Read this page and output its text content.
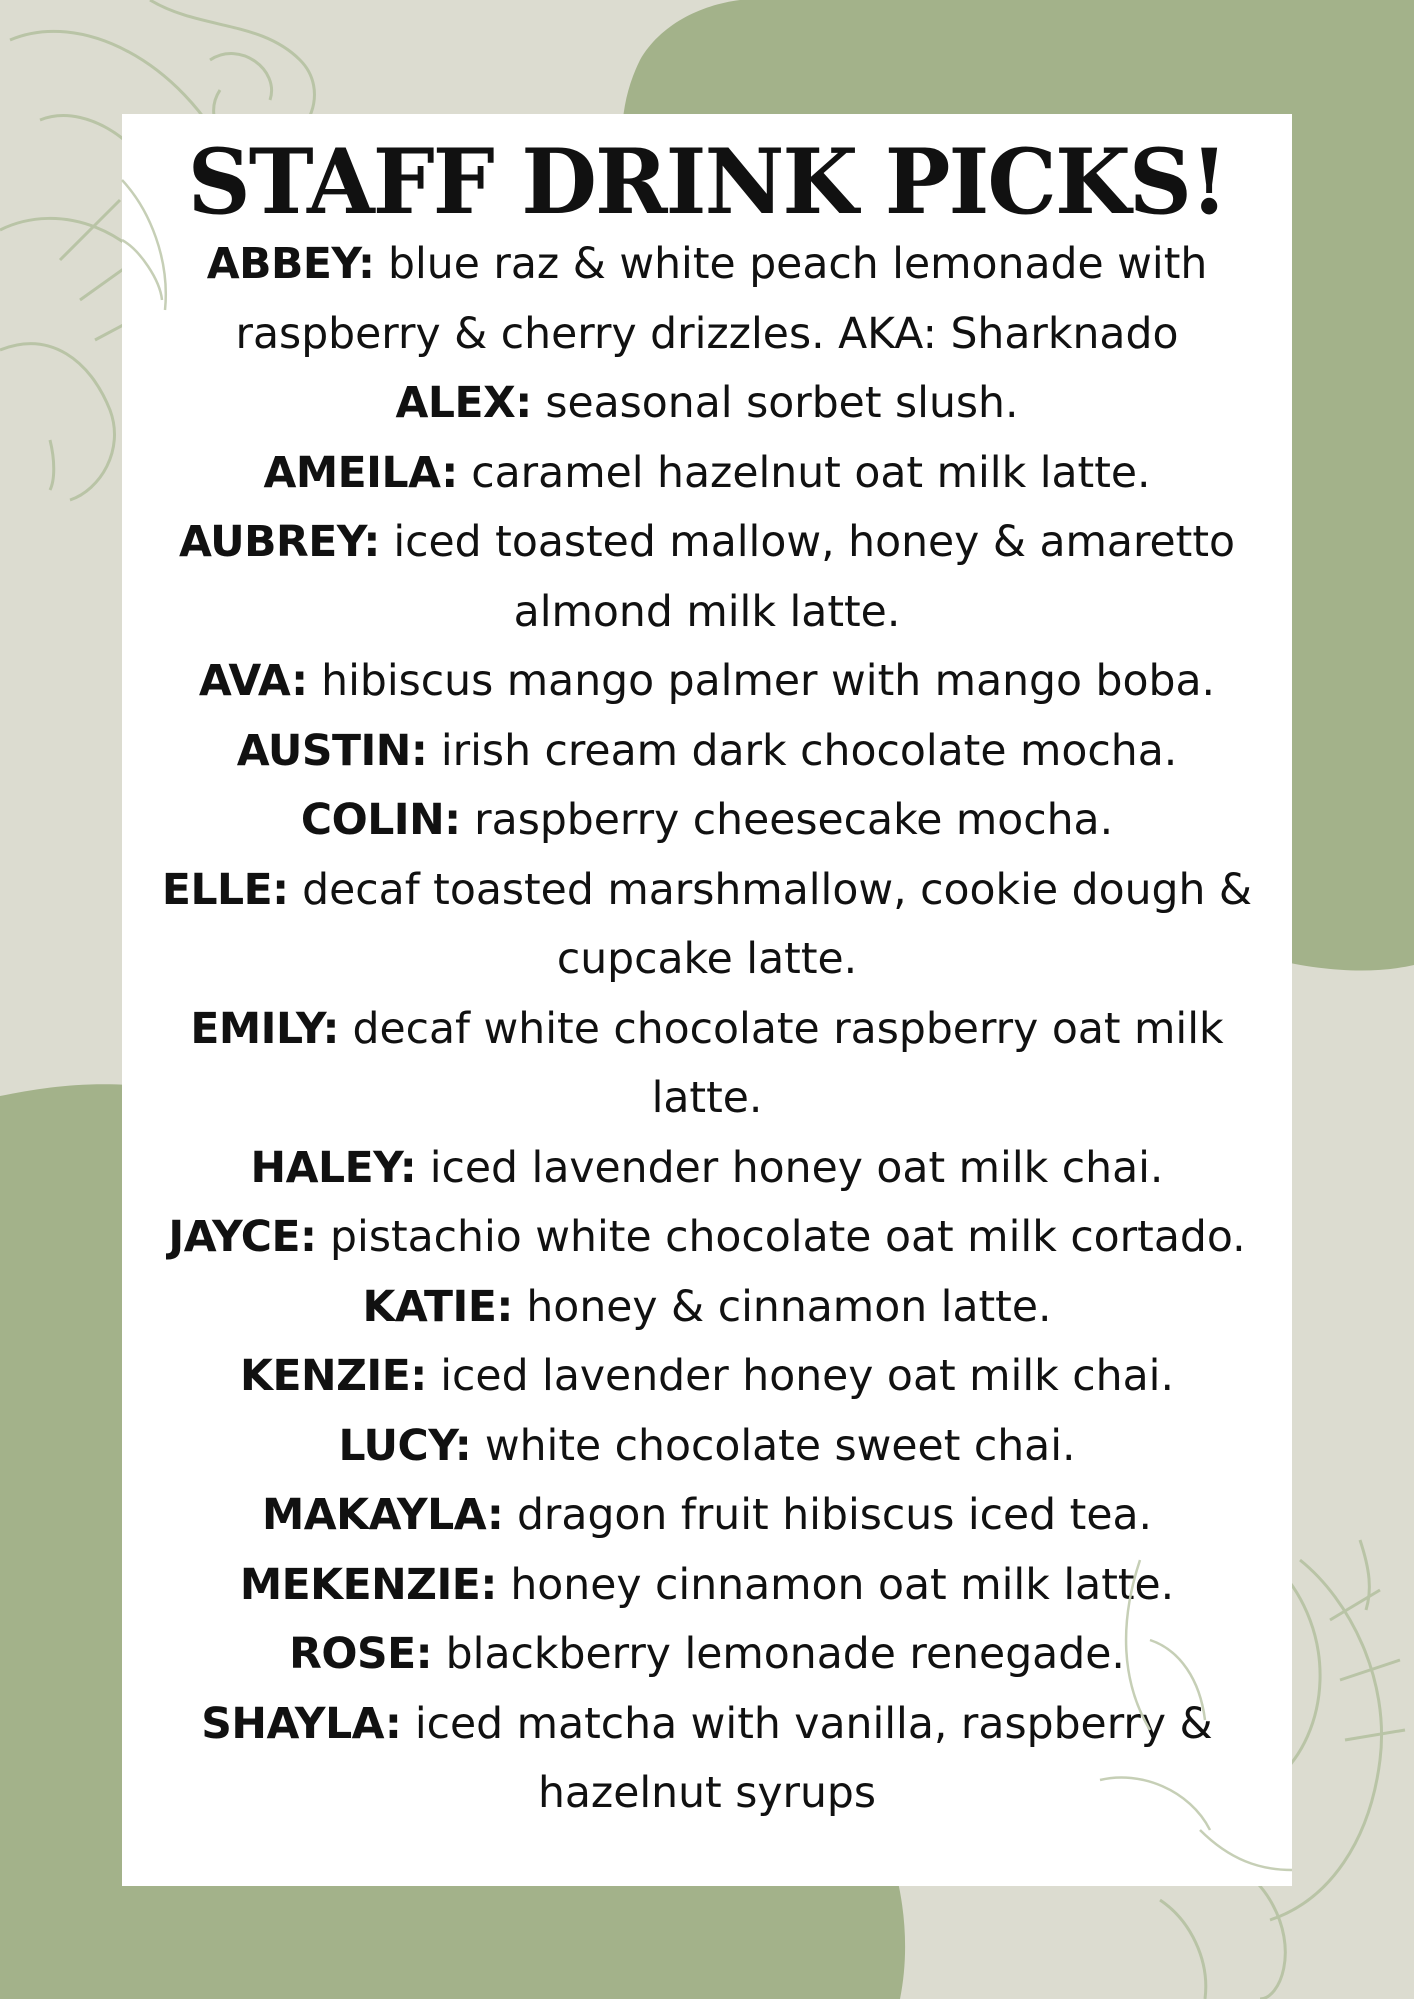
STAFF DRINK PICKS!

ABBEY: blue raz & white peach lemonade with raspberry & cherry drizzles. AKA: Sharknado

ALEX: seasonal sorbet slush.

AMEILA: caramel hazelnut oat milk latte.

AUBREY: iced toasted mallow, honey & amaretto almond milk latte.

AVA: hibiscus mango palmer with mango boba.

AUSTIN: irish cream dark chocolate mocha.

COLIN: raspberry cheesecake mocha.

ELLE: decaf toasted marshmallow, cookie dough & cupcake latte.

EMILY: decaf white chocolate raspberry oat milk latte.

HALEY: iced lavender honey oat milk chai.

JAYCE: pistachio white chocolate oat milk cortado.

KATIE: honey & cinnamon latte.

KENZIE: iced lavender honey oat milk chai.

LUCY: white chocolate sweet chai.

MAKAYLA: dragon fruit hibiscus iced tea.

MEKENZIE: honey cinnamon oat milk latte.

ROSE: blackberry lemonade renegade.

SHAYLA: iced matcha with vanilla, raspberry & hazelnut syrups
